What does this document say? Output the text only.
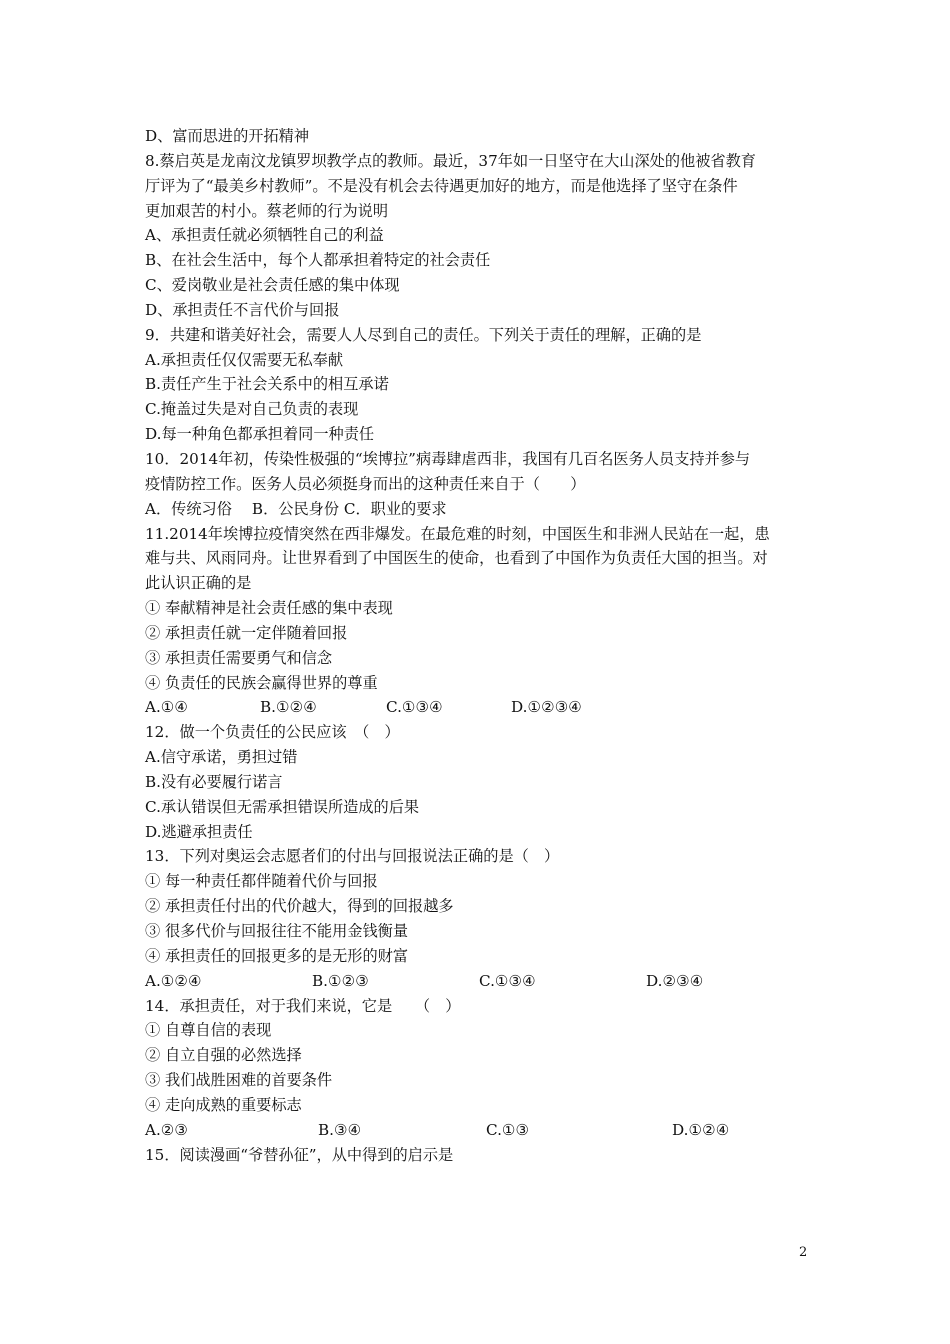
D、富而思进的开拓精神
8.蔡启英是龙南汶龙镇罗坝教学点的教师。最近，37年如一日坚守在大山深处的他被省教育
厅评为了“最美乡村教师”。不是没有机会去待遇更加好的地方，而是他选择了坚守在条件
更加艰苦的村小。蔡老师的行为说明
A、承担责任就必须牺牲自己的利益
B、在社会生活中，每个人都承担着特定的社会责任
C、爱岗敬业是社会责任感的集中体现
D、承担责任不言代价与回报
9．共建和谐美好社会，需要人人尽到自己的责任。下列关于责任的理解，正确的是
A.承担责任仅仅需要无私奉献
B.责任产生于社会关系中的相互承诺
C.掩盖过失是对自己负责的表现
D.每一种角色都承担着同一种责任
10．2014年初，传染性极强的“埃博拉”病毒肆虐西非，我国有几百名医务人员支持并参与
疫情防控工作。医务人员必须挺身而出的这种责任来自于（　　）
A．传统习俗　 B．公民身份 C．职业的要求
11.2014年埃博拉疫情突然在西非爆发。在最危难的时刻，中国医生和非洲人民站在一起，患
难与共、风雨同舟。让世界看到了中国医生的使命，也看到了中国作为负责任大国的担当。对
此认识正确的是
① 奉献精神是社会责任感的集中表现
② 承担责任就一定伴随着回报
③ 承担责任需要勇气和信念
④ 负责任的民族会赢得世界的尊重
A.①④	B.①②④	C.①③④	D.①②③④
12．做一个负责任的公民应该　（　）
A.信守承诺，勇担过错
B.没有必要履行诺言
C.承认错误但无需承担错误所造成的后果
D.逃避承担责任
13．下列对奥运会志愿者们的付出与回报说法正确的是（　）
① 每一种责任都伴随着代价与回报
② 承担责任付出的代价越大，得到的回报越多
③ 很多代价与回报往往不能用金钱衡量
④ 承担责任的回报更多的是无形的财富
A.①②④	B.①②③	C.①③④	D.②③④
14．承担责任，对于我们来说，它是　　（　）
① 自尊自信的表现
② 自立自强的必然选择
③ 我们战胜困难的首要条件
④ 走向成熟的重要标志
A.②③	B.③④	C.①③	D.①②④
15．阅读漫画“爷替孙征”，从中得到的启示是
2
